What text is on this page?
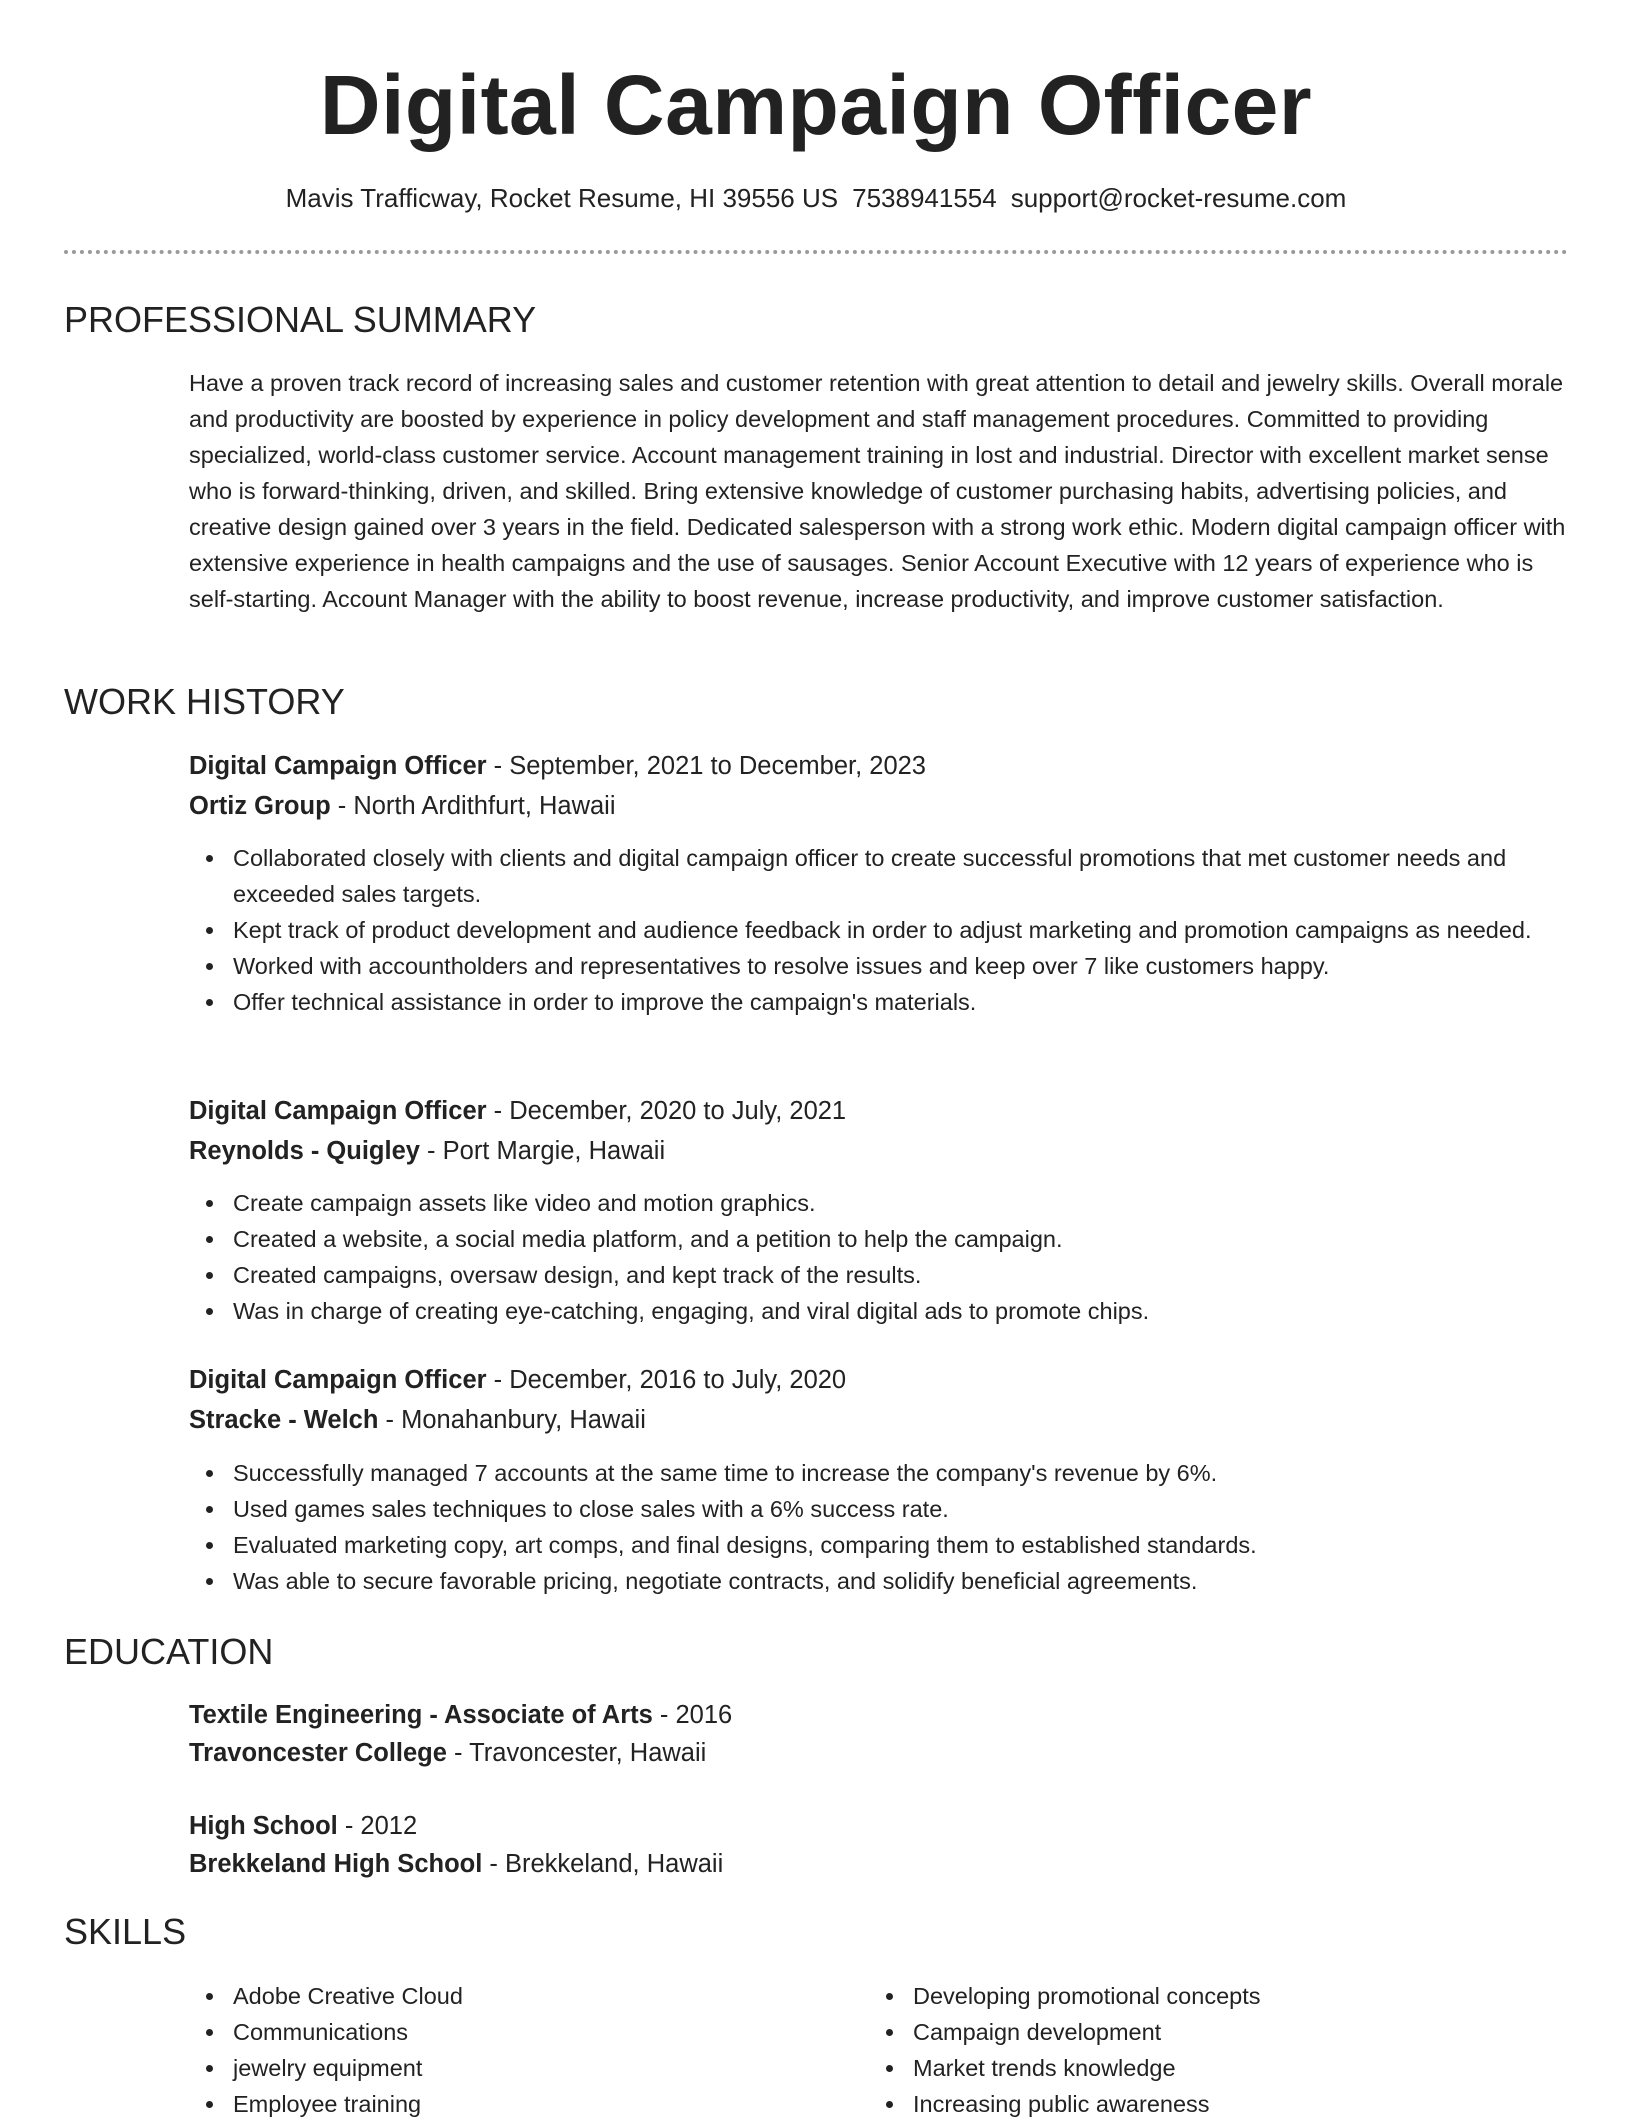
Digital Campaign Officer
Mavis Trafficway, Rocket Resume, HI 39556 US 7538941554 support@rocket-resume.com
PROFESSIONAL SUMMARY
Have a proven track record of increasing sales and customer retention with great attention to detail and jewelry skills. Overall morale and productivity are boosted by experience in policy development and staff management procedures. Committed to providing specialized, world-class customer service. Account management training in lost and industrial. Director with excellent market sense who is forward-thinking, driven, and skilled. Bring extensive knowledge of customer purchasing habits, advertising policies, and creative design gained over 3 years in the field. Dedicated salesperson with a strong work ethic. Modern digital campaign officer with extensive experience in health campaigns and the use of sausages. Senior Account Executive with 12 years of experience who is self-starting. Account Manager with the ability to boost revenue, increase productivity, and improve customer satisfaction.
WORK HISTORY
Digital Campaign Officer - September, 2021 to December, 2023
Ortiz Group - North Ardithfurt, Hawaii
Collaborated closely with clients and digital campaign officer to create successful promotions that met customer needs and exceeded sales targets.
Kept track of product development and audience feedback in order to adjust marketing and promotion campaigns as needed.
Worked with accountholders and representatives to resolve issues and keep over 7 like customers happy.
Offer technical assistance in order to improve the campaign's materials.
Digital Campaign Officer - December, 2020 to July, 2021
Reynolds - Quigley - Port Margie, Hawaii
Create campaign assets like video and motion graphics.
Created a website, a social media platform, and a petition to help the campaign.
Created campaigns, oversaw design, and kept track of the results.
Was in charge of creating eye-catching, engaging, and viral digital ads to promote chips.
Digital Campaign Officer - December, 2016 to July, 2020
Stracke - Welch - Monahanbury, Hawaii
Successfully managed 7 accounts at the same time to increase the company's revenue by 6%.
Used games sales techniques to close sales with a 6% success rate.
Evaluated marketing copy, art comps, and final designs, comparing them to established standards.
Was able to secure favorable pricing, negotiate contracts, and solidify beneficial agreements.
EDUCATION
Textile Engineering - Associate of Arts - 2016
Travoncester College - Travoncester, Hawaii
High School - 2012
Brekkeland High School - Brekkeland, Hawaii
SKILLS
Adobe Creative Cloud
Communications
jewelry equipment
Employee training
Developing promotional concepts
Campaign development
Market trends knowledge
Increasing public awareness
